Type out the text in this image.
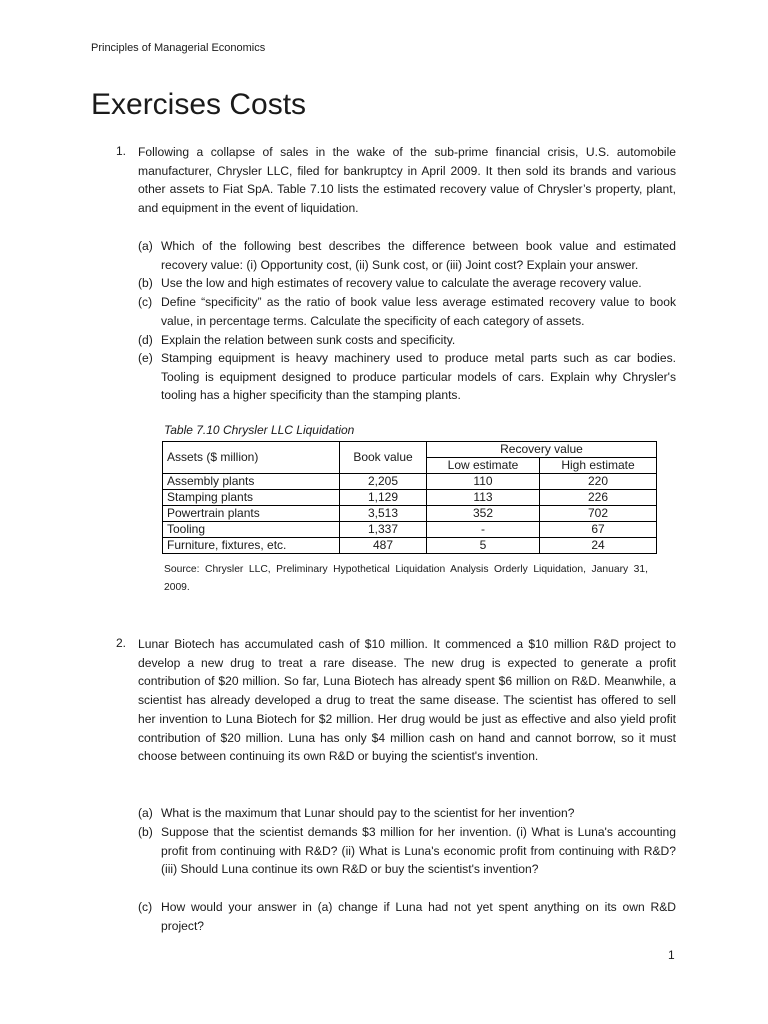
Principles of Managerial Economics
Exercises Costs
1. Following a collapse of sales in the wake of the sub-prime financial crisis, U.S. automobile manufacturer, Chrysler LLC, filed for bankruptcy in April 2009. It then sold its brands and various other assets to Fiat SpA. Table 7.10 lists the estimated recovery value of Chrysler’s property, plant, and equipment in the event of liquidation.

(a) Which of the following best describes the difference between book value and estimated recovery value: (i) Opportunity cost, (ii) Sunk cost, or (iii) Joint cost? Explain your answer.
(b) Use the low and high estimates of recovery value to calculate the average recovery value.
(c) Define “specificity” as the ratio of book value less average estimated recovery value to book value, in percentage terms. Calculate the specificity of each category of assets.
(d) Explain the relation between sunk costs and specificity.
(e) Stamping equipment is heavy machinery used to produce metal parts such as car bodies. Tooling is equipment designed to produce particular models of cars. Explain why Chrysler's tooling has a higher specificity than the stamping plants.
Table 7.10 Chrysler LLC Liquidation
Assets ($ million)	Book value	Recovery value	
		Low estimate	High estimate
Assembly plants	2,205	110	220
Stamping plants	1,129	113	226
Powertrain plants	3,513	352	702
Tooling	1,337	-	67
Furniture, fixtures, etc.	487	5	24
Source: Chrysler LLC, Preliminary Hypothetical Liquidation Analysis Orderly Liquidation, January 31, 2009.
2. Lunar Biotech has accumulated cash of $10 million. It commenced a $10 million R&D project to develop a new drug to treat a rare disease. The new drug is expected to generate a profit contribution of $20 million. So far, Luna Biotech has already spent $6 million on R&D. Meanwhile, a scientist has already developed a drug to treat the same disease. The scientist has offered to sell her invention to Luna Biotech for $2 million. Her drug would be just as effective and also yield profit contribution of $20 million. Luna has only $4 million cash on hand and cannot borrow, so it must choose between continuing its own R&D or buying the scientist's invention.

(a) What is the maximum that Lunar should pay to the scientist for her invention?
(b) Suppose that the scientist demands $3 million for her invention. (i) What is Luna's accounting profit from continuing with R&D? (ii) What is Luna's economic profit from continuing with R&D? (iii) Should Luna continue its own R&D or buy the scientist's invention?
(c) How would your answer in (a) change if Luna had not yet spent anything on its own R&D project?
1
